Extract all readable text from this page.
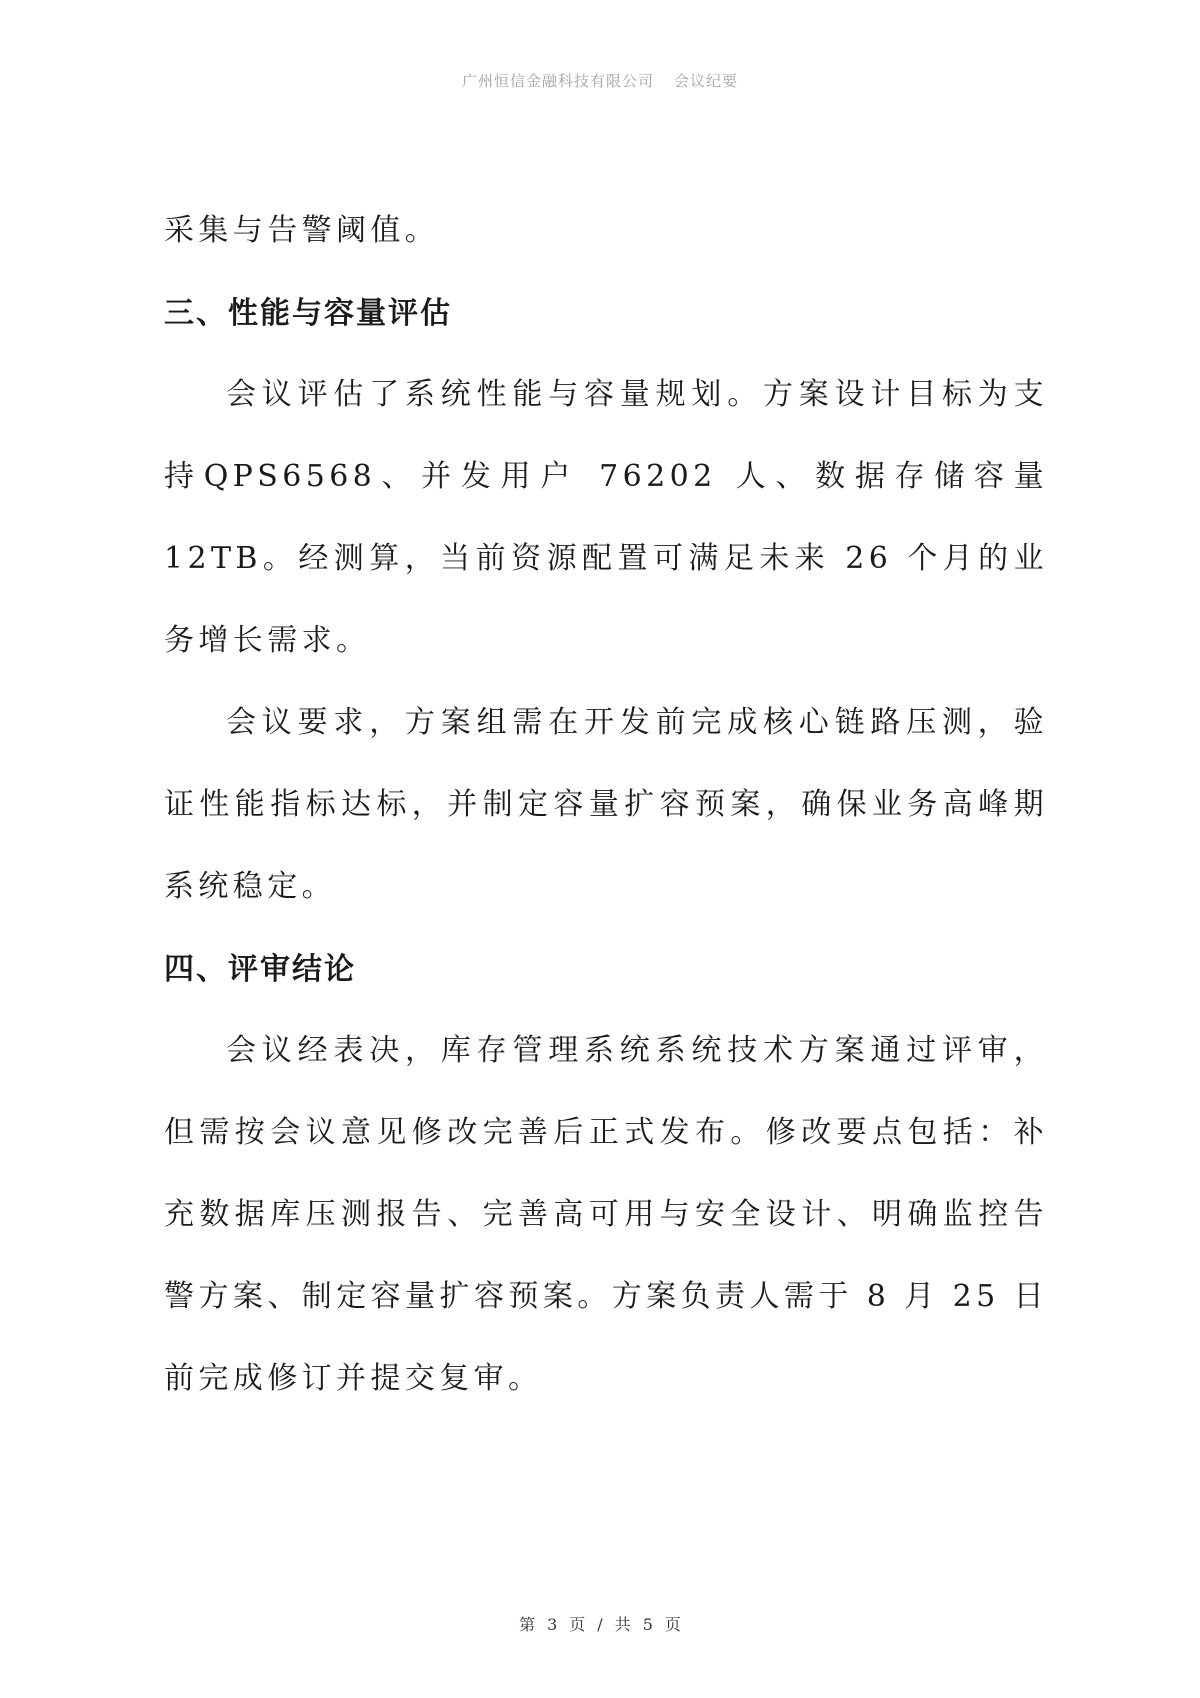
广州恒信金融科技有限公司 会议纪要

采集与告警阈值。

三、性能与容量评估

会议评估了系统性能与容量规划。方案设计目标为支持QPS6568、并发用户 76202 人、数据存储容量 12TB。经测算，当前资源配置可满足未来 26 个月的业务增长需求。

会议要求，方案组需在开发前完成核心链路压测，验证性能指标达标，并制定容量扩容预案，确保业务高峰期系统稳定。

四、评审结论

会议经表决，库存管理系统系统技术方案通过评审，但需按会议意见修改完善后正式发布。修改要点包括：补充数据库压测报告、完善高可用与安全设计、明确监控告警方案、制定容量扩容预案。方案负责人需于 8 月 25 日前完成修订并提交复审。

第 3 页 / 共 5 页
